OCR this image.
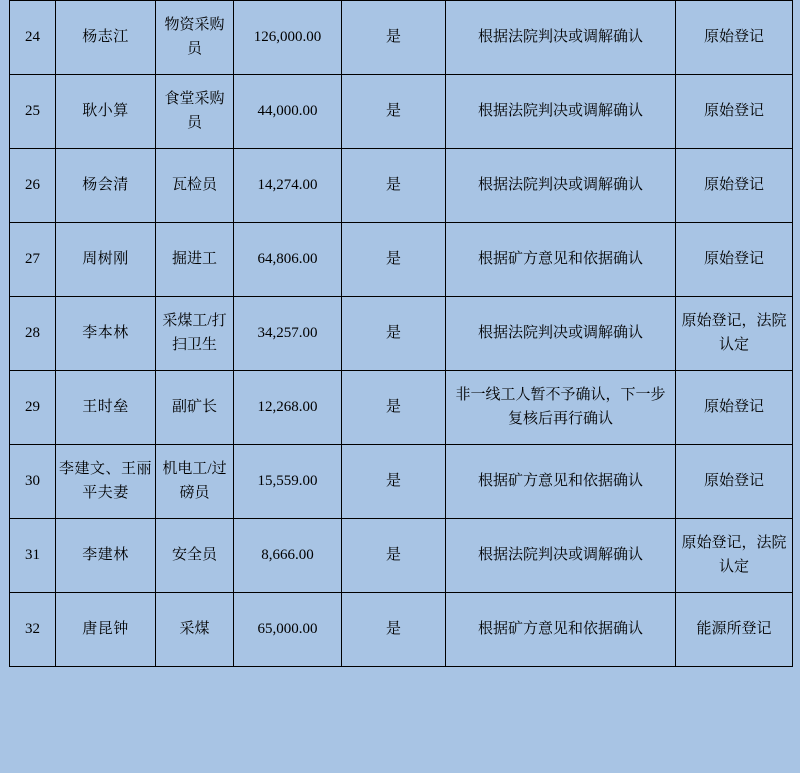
24	杨志江	物资采购员	126,000.00	是	根据法院判决或调解确认	原始登记
25	耿小算	食堂采购员	44,000.00	是	根据法院判决或调解确认	原始登记
26	杨会清	瓦检员	14,274.00	是	根据法院判决或调解确认	原始登记
27	周树刚	掘进工	64,806.00	是	根据矿方意见和依据确认	原始登记
28	李本林	采煤工/打扫卫生	34,257.00	是	根据法院判决或调解确认	原始登记，法院认定
29	王时垒	副矿长	12,268.00	是	非一线工人暂不予确认，下一步复核后再行确认	原始登记
30	李建文、王丽平夫妻	机电工/过磅员	15,559.00	是	根据矿方意见和依据确认	原始登记
31	李建林	安全员	8,666.00	是	根据法院判决或调解确认	原始登记，法院认定
32	唐昆钟	采煤	65,000.00	是	根据矿方意见和依据确认	能源所登记
